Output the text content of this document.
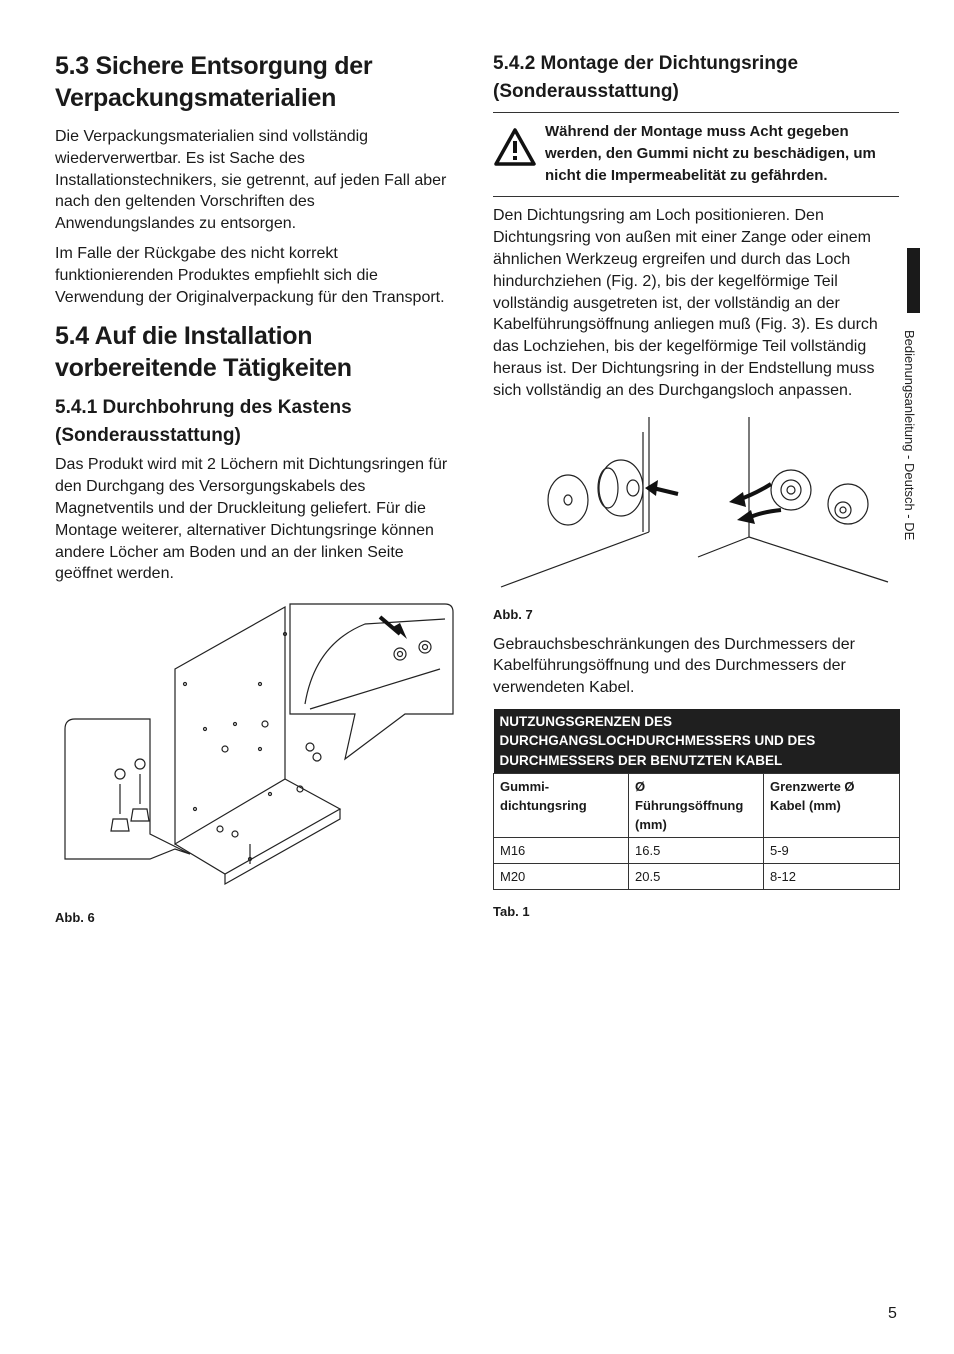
5.3 Sichere Entsorgung der Verpackungsmaterialien

Die Verpackungsmaterialien sind vollständig wiederverwertbar. Es ist Sache des Installationstechnikers, sie getrennt, auf jeden Fall aber nach den geltenden Vorschriften des Anwendungslandes zu entsorgen.

Im Falle der Rückgabe des nicht korrekt funktionierenden Produktes empfiehlt sich die Verwendung der Originalverpackung für den Transport.

5.4 Auf die Installation vorbereitende Tätigkeiten
5.4.1 Durchbohrung des Kastens (Sonderausstattung)

Das Produkt wird mit 2 Löchern mit Dichtungsringen für den Durchgang des Versorgungskabels des Magnetventils und der Druckleitung geliefert. Für die Montage weiterer, alternativer Dichtungsringe können andere Löcher am Boden und an der linken Seite geöffnet werden.

Abb. 6
5.4.2 Montage der Dichtungsringe (Sonderausstattung)
Während der Montage muss Acht gegeben werden, den Gummi nicht zu beschädigen, um nicht die Impermeabelität zu gefährden.

Den Dichtungsring am Loch positionieren. Den Dichtungsring von außen mit einer Zange oder einem ähnlichen Werkzeug ergreifen und durch das Loch hindurchziehen (Fig. 2), bis der kegelförmige Teil vollständig ausgetreten ist, der vollständig an der Kabelführungsöffnung anliegen muß (Fig. 3). Es durch das Lochziehen, bis der kegelförmige Teil vollständig heraus ist. Der Dichtungsring in der Endstellung muss sich vollständig an des Durchgangsloch anpassen.

Abb. 7

Gebrauchsbeschränkungen des Durchmessers der Kabelführungsöffnung und des Durchmessers der verwendeten Kabel.

NUTZUNGSGRENZEN DES DURCHGANGSLOCHDURCHMESSERS UND DES DURCHMESSERS DER BENUTZTEN KABEL		
Gummi-dichtungsring	Ø Führungsöffnung (mm)	Grenzwerte Ø Kabel (mm)
M16	16.5	5-9
M20	20.5	8-12
Tab. 1
Bedienungsanleitung - Deutsch - DE
5
